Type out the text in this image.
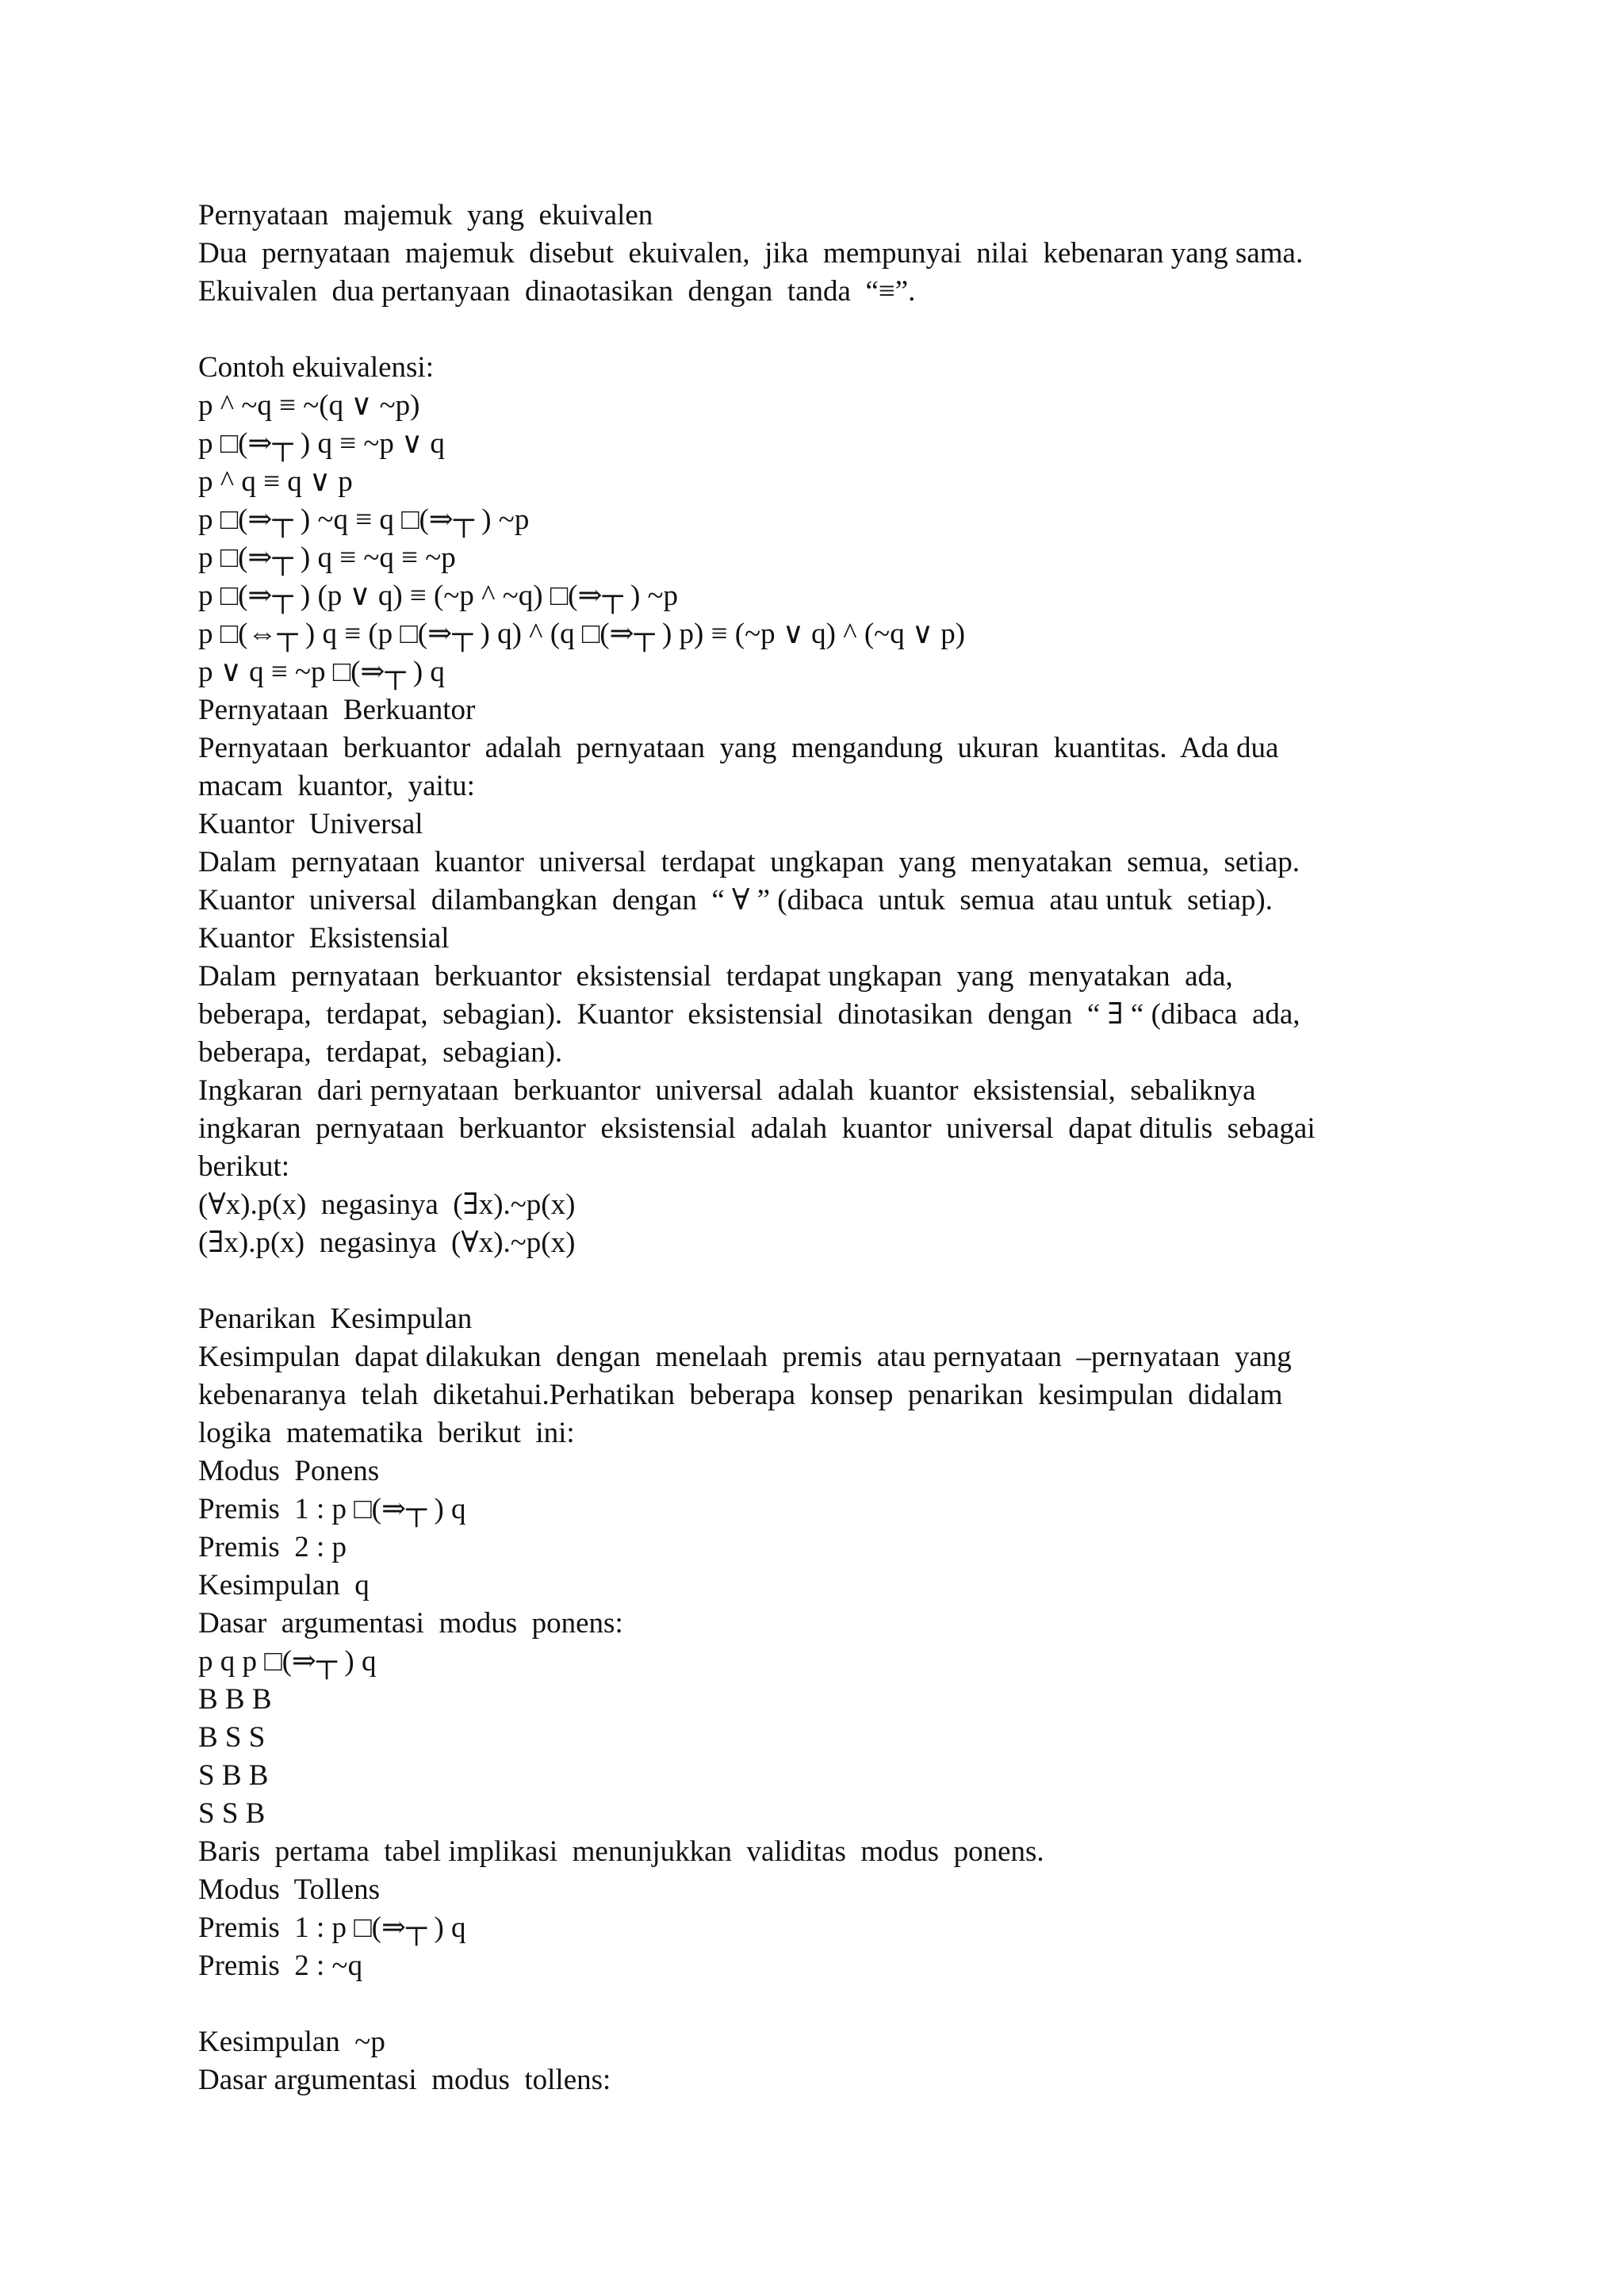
Pernyataan  majemuk  yang  ekuivalen
Dua  pernyataan  majemuk  disebut  ekuivalen,  jika  mempunyai  nilai  kebenaran yang sama.
Ekuivalen  dua pertanyaan  dinaotasikan  dengan  tanda  “≡”.
Contoh ekuivalensi:
p ^ ~q ≡ ~(q ∨ ~p)
p □(⇒┬ ) q ≡ ~p ∨ q
p ^ q ≡ q ∨ p
p □(⇒┬ ) ~q ≡ q □(⇒┬ ) ~p
p □(⇒┬ ) q ≡ ~q ≡ ~p
p □(⇒┬ ) (p ∨ q) ≡ (~p ^ ~q) □(⇒┬ ) ~p
p □(⇔┬ ) q ≡ (p □(⇒┬ ) q) ^ (q □(⇒┬ ) p) ≡ (~p ∨ q) ^ (~q ∨ p)
p ∨ q ≡ ~p □(⇒┬ ) q
Pernyataan  Berkuantor
Pernyataan  berkuantor  adalah  pernyataan  yang  mengandung  ukuran  kuantitas.  Ada dua
macam  kuantor,  yaitu:
Kuantor  Universal
Dalam  pernyataan  kuantor  universal  terdapat  ungkapan  yang  menyatakan  semua,  setiap.
Kuantor  universal  dilambangkan  dengan  “ ∀ ” (dibaca  untuk  semua  atau untuk  setiap).
Kuantor  Eksistensial
Dalam  pernyataan  berkuantor  eksistensial  terdapat ungkapan  yang  menyatakan  ada,
beberapa,  terdapat,  sebagian).  Kuantor  eksistensial  dinotasikan  dengan  “ ∃ “ (dibaca  ada,
beberapa,  terdapat,  sebagian).
Ingkaran  dari pernyataan  berkuantor  universal  adalah  kuantor  eksistensial,  sebaliknya
ingkaran  pernyataan  berkuantor  eksistensial  adalah  kuantor  universal  dapat ditulis  sebagai
berikut:
(∀x).p(x)  negasinya  (∃x).~p(x)
(∃x).p(x)  negasinya  (∀x).~p(x)
Penarikan  Kesimpulan
Kesimpulan  dapat dilakukan  dengan  menelaah  premis  atau pernyataan  –pernyataan  yang
kebenaranya  telah  diketahui.Perhatikan  beberapa  konsep  penarikan  kesimpulan  didalam
logika  matematika  berikut  ini:
Modus  Ponens
Premis  1 : p □(⇒┬ ) q
Premis  2 : p
Kesimpulan  q
Dasar  argumentasi  modus  ponens:
p q p □(⇒┬ ) q
B B B
B S S
S B B
S S B
Baris  pertama  tabel implikasi  menunjukkan  validitas  modus  ponens.
Modus  Tollens
Premis  1 : p □(⇒┬ ) q
Premis  2 : ~q
Kesimpulan  ~p
Dasar argumentasi  modus  tollens:
